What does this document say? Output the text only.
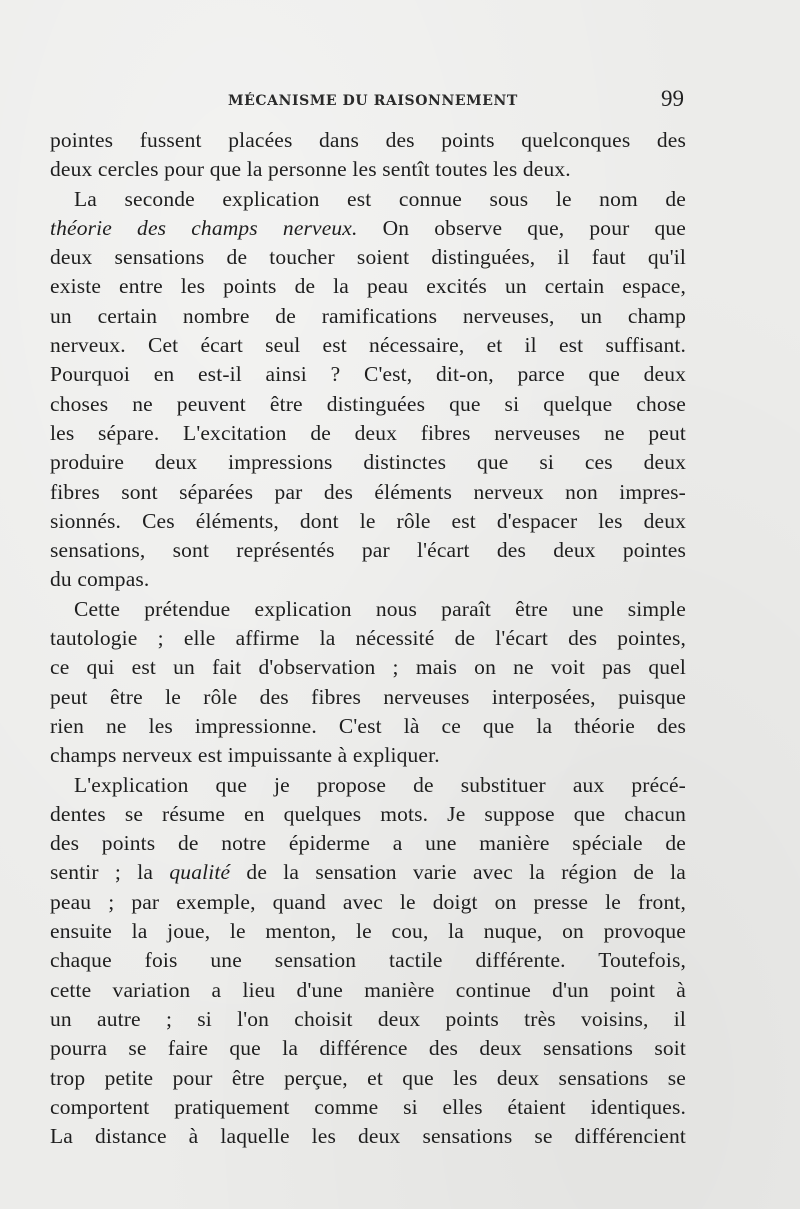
MÉCANISME DU RAISONNEMENT	99
pointes fussent placées dans des points quelconques des
deux cercles pour que la personne les sentît toutes les deux.
La seconde explication est connue sous le nom de
théorie des champs nerveux. On observe que, pour que
deux sensations de toucher soient distinguées, il faut qu'il
existe entre les points de la peau excités un certain espace,
un certain nombre de ramifications nerveuses, un champ
nerveux. Cet écart seul est nécessaire, et il est suffisant.
Pourquoi en est-il ainsi ? C'est, dit-on, parce que deux
choses ne peuvent être distinguées que si quelque chose
les sépare. L'excitation de deux fibres nerveuses ne peut
produire deux impressions distinctes que si ces deux
fibres sont séparées par des éléments nerveux non impres-
sionnés. Ces éléments, dont le rôle est d'espacer les deux
sensations, sont représentés par l'écart des deux pointes
du compas.
Cette prétendue explication nous paraît être une simple
tautologie ; elle affirme la nécessité de l'écart des pointes,
ce qui est un fait d'observation ; mais on ne voit pas quel
peut être le rôle des fibres nerveuses interposées, puisque
rien ne les impressionne. C'est là ce que la théorie des
champs nerveux est impuissante à expliquer.
L'explication que je propose de substituer aux précé-
dentes se résume en quelques mots. Je suppose que chacun
des points de notre épiderme a une manière spéciale de
sentir ; la qualité de la sensation varie avec la région de la
peau ; par exemple, quand avec le doigt on presse le front,
ensuite la joue, le menton, le cou, la nuque, on provoque
chaque fois une sensation tactile différente. Toutefois,
cette variation a lieu d'une manière continue d'un point à
un autre ; si l'on choisit deux points très voisins, il
pourra se faire que la différence des deux sensations soit
trop petite pour être perçue, et que les deux sensations se
comportent pratiquement comme si elles étaient identiques.
La distance à laquelle les deux sensations se différencient
